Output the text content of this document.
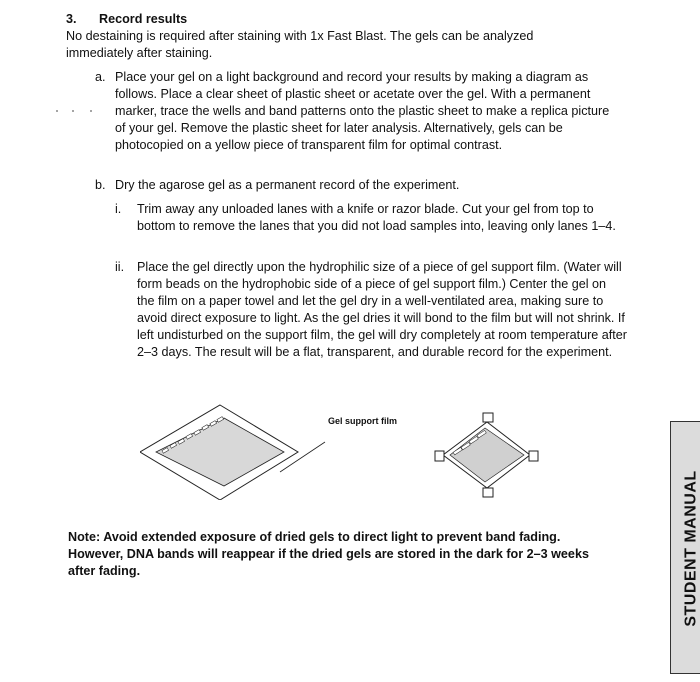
3. Record results
No destaining is required after staining with 1x Fast Blast. The gels can be analyzed immediately after staining.
a. Place your gel on a light background and record your results by making a diagram as follows. Place a clear sheet of plastic sheet or acetate over the gel. With a permanent marker, trace the wells and band patterns onto the plastic sheet to make a replica picture of your gel. Remove the plastic sheet for later analysis. Alternatively, gels can be photocopied on a yellow piece of transparent film for optimal contrast.
b. Dry the agarose gel as a permanent record of the experiment.
i. Trim away any unloaded lanes with a knife or razor blade. Cut your gel from top to bottom to remove the lanes that you did not load samples into, leaving only lanes 1–4.
ii. Place the gel directly upon the hydrophilic size of a piece of gel support film. (Water will form beads on the hydrophobic side of a piece of gel support film.) Center the gel on the film on a paper towel and let the gel dry in a well-ventilated area, making sure to avoid direct exposure to light. As the gel dries it will bond to the film but will not shrink. If left undisturbed on the support film, the gel will dry completely at room temperature after 2–3 days. The result will be a flat, transparent, and durable record for the experiment.
Gel support film
Note: Avoid extended exposure of dried gels to direct light to prevent band fading. However, DNA bands will reappear if the dried gels are stored in the dark for 2–3 weeks after fading.	STUDENT MANUAL
